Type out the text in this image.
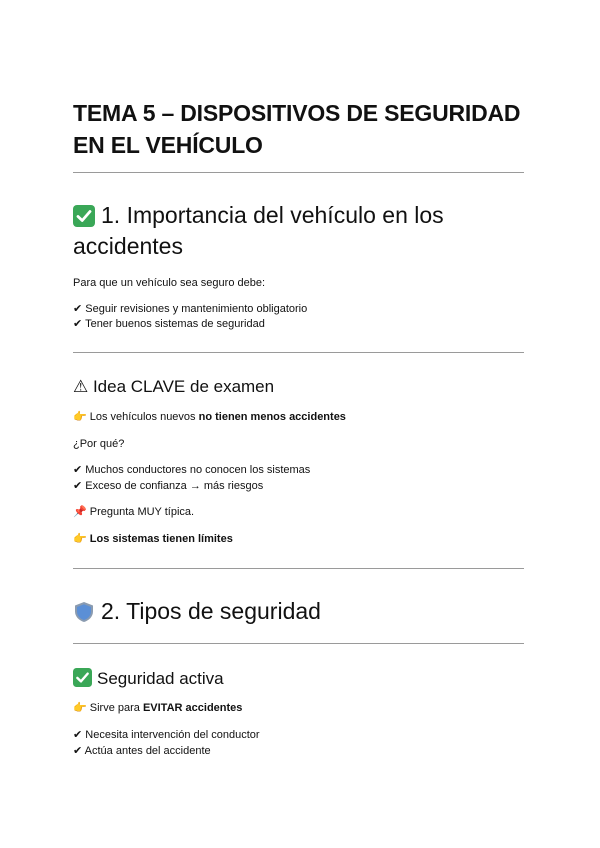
TEMA 5 – DISPOSITIVOS DE SEGURIDAD EN EL VEHÍCULO
1. Importancia del vehículo en los accidentes
Para que un vehículo sea seguro debe:
✔ Seguir revisiones y mantenimiento obligatorio
✔ Tener buenos sistemas de seguridad
⚠ Idea CLAVE de examen
👉 Los vehículos nuevos no tienen menos accidentes
¿Por qué?
✔ Muchos conductores no conocen los sistemas
✔ Exceso de confianza → más riesgos
📌 Pregunta MUY típica.
👉 Los sistemas tienen límites
2. Tipos de seguridad
Seguridad activa
👉 Sirve para EVITAR accidentes
✔ Necesita intervención del conductor
✔ Actúa antes del accidente
